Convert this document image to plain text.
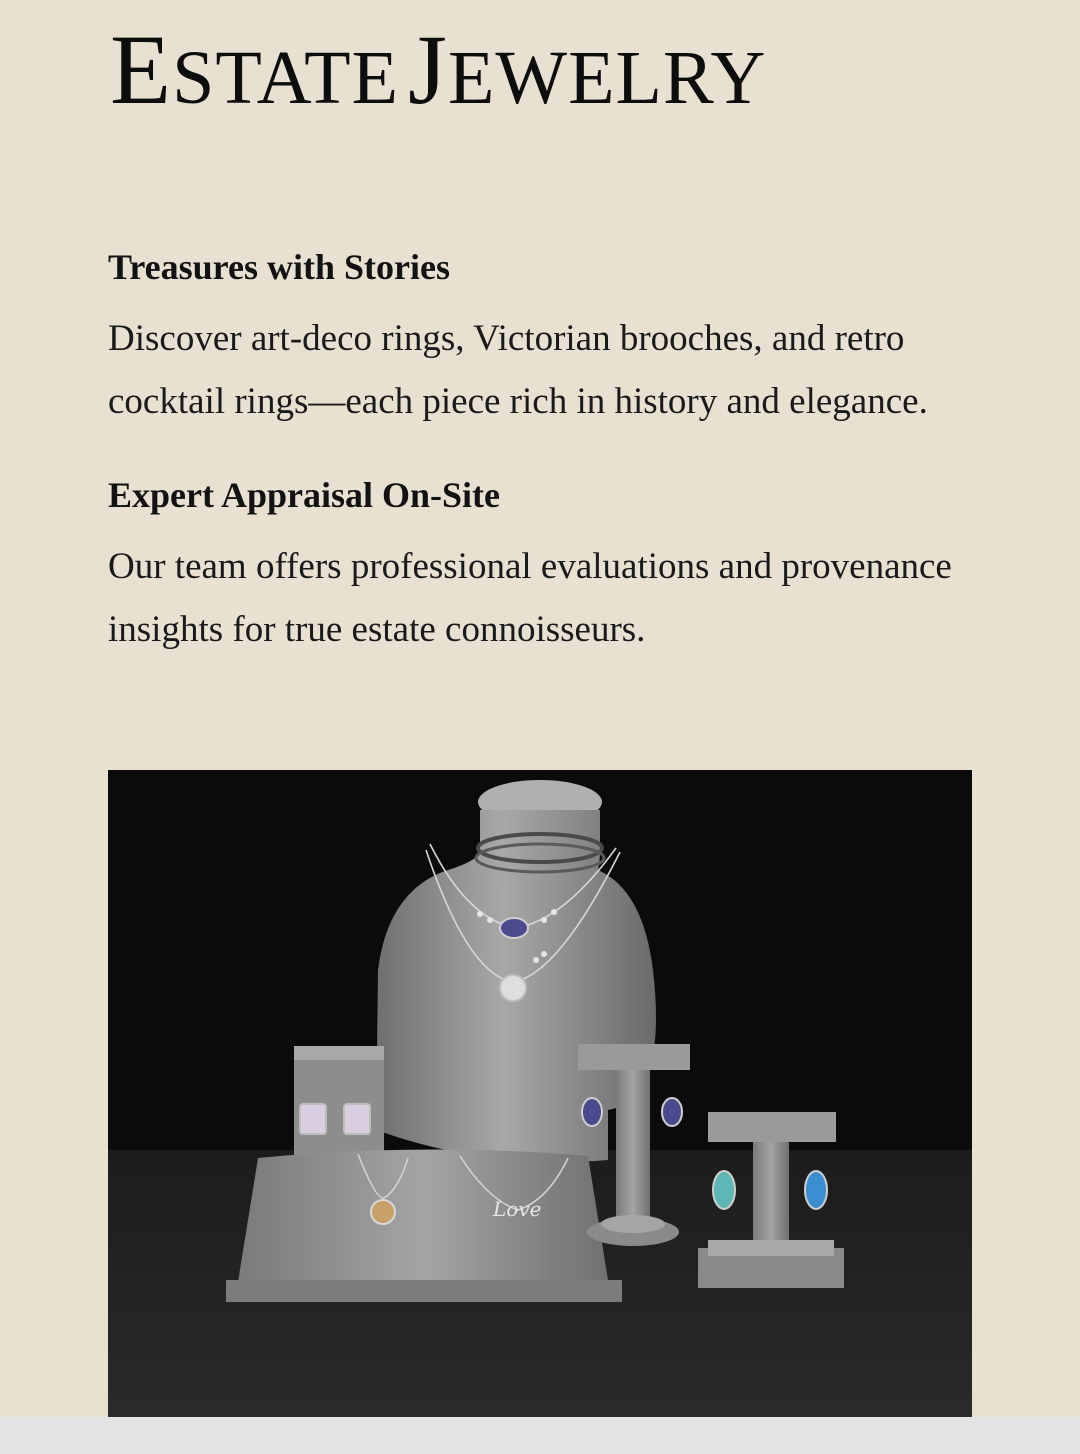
ESTATE JEWELRY
Treasures with Stories

Discover art-deco rings, Victorian brooches, and retro cocktail rings—each piece rich in history and elegance.

Expert Appraisal On-Site

Our team offers professional evaluations and provenance insights for true estate connoisseurs.

Love
